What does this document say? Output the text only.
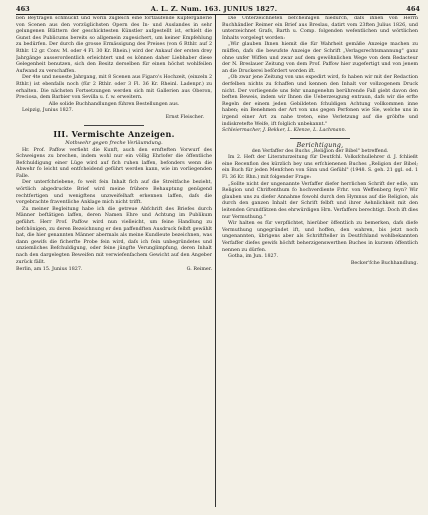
463	A. L. Z. Num. 163. JUNIUS 1827.	464

ben Beyträgen schmückt und worin zugleich eine fortlaufende Kupfergallerie von Scenen aus den vorzüglichsten Opern des In- und Auslandes in sehr gelungenen Blättern der geschicktesten Künstler aufgestellt ist, erhielt die Gunst des Publicums bereits so allgemein zugesichert, um keiner Empfehlung zu bedürfen. Der durch die grosse Ermässigung des Preises (von 6 Rthlr. auf 2 Rthlr. 12 gr. Conv. M. oder 4 Fl. 30 Kr. Rhein.) wird der Ankauf der ersten drey Jahrgänge ausserordentlich erleichtert und es können daher Liebhaber diese Gelegenheit benutzen, sich den Besitz derselben für einen höchst wohlfeilen Aufwand zu verschaffen.

Der 4te und neueste Jahrgang, mit 8 Scenen aus Figaro's Hochzeit, (einzeln 2 Rthlr.) ist ebenfalls noch (für 2 Rthlr. oder 3 Fl. 36 Kr. Rheinl. Ladenpr.) zu erhalten. Die nächsten Fortsetzungen werden sich mit Gallerien aus Oberon, Preciosa, dem Barbier von Sevilla u. f. w. erweitern.

Alle solide Buchhandlungen führen Bestellungen aus.

Leipzig, Junius 1827.

Ernst Fleischer.

III. Vermischte Anzeigen.
Nothwehr gegen freche Verläumdung.

Hr. Prof. Paffow verfieht die Kunft, auch den ernfteften Vorwurf des Schweigens zu brechen, indem wohl nur ein völlig Ehrlofer die öffentliche Befchuldigung einer Lüge wird auf fich ruhen laffen, befonders wenn die Abwehr fo leicht und entfcheidend geführt werden kann, wie im vorliegenden Falle.

Der unterfchriebene, fo weit fein Inhalt fich auf die Streitfache bezieht, wörtlich abgedruckte Brief wird meine frühere Behauptung genügend rechtfertigen und wenigftens unzweifelhaft erkennen laffen, dafs die vorgebrachte fraventliche Anklage mich nicht trifft.

Zu meiner Begleitung habe ich die getreue Abfchrift des Briefes durch Männer beftätigen laffen, deren Namen Ehre und Achtung im Publikum geführt. Herr Prof. Paffow wird nun vielleicht, um feine Handlung zu befchönigen, zu deren Bezeichnung er den paffendften Ausdruck felbft gewählt hat, die hier genannten Männer abermals als meine Kundleute bezeichnen, was dann gewifs die ficherfte Probe fein wird, dafs ich fein unbegründetes und unziemliches Befchuldigung, oder feine jüngfte Verunglimpfung, deren Inhalt nach den dargelegten Beweifen mit verwiefenfachem Gewicht auf den Angeber zurück fällt.

Berlin, am 15. Junius 1827.	G. Reimer.

Die Unterzeichneten befcheinigen hiedurch, dafs ihnen von Herrn Buchhändler Reimer ein Brief aus Breslau, datirt vom 23ften Julius 1826, und unterzeichnet Grafs, Barth u. Comp. folgenden wefentlichen und wörtlichen Inhalts vorgelegt worden:

„Wir glauben Ihnen hiemit die für Wahrheit gemäße Anzeige machen zu müffen, dafs die bewufste Anzeige der Schrift „Verlagsrechtsmannung" ganz ohne unfer Wiffen und zwar auf dem gewöhnlichen Wege von dem Redacteur der N. Breslauer Zeitung von dem Prof. Paffow hier zugefertigt und von jenem an die Druckerei befördert worden ift.

„Ob zwar jene Zeitung von uns expedirt wird, fo haben wir mit der Redaction derfelben nichts zu fchaffen und kennen den Inhalt vor vollzogenem Druck nicht. Der vorliegende uns fehr unangenehm berührende Fall giebt davon den beften Beweis, indem wir Ihnen die Ueberzeugung entraun, dafs wir die erfte Regeln der einem jeden Gebildeten fchuldigen Achtung vollkommen inne haben; ein Benehmen der Art von uns gegen Perfonen wie Sie, welche uns in irgend einer Art zu nahe treten, eine Verletzung auf die gröbfte und indiskretefte Weife, ift folglich unbekannt."

Schleiermacher, J. Bekker, L. Klenze, L. Lachmann.

Berichtigung,

den Verfaffer des Buchs „Religion der Bibel" betreffend.

Im 2. Heft der Literaturzeitung für Deutfchl. Volksfchullehrer d. J. fchließt eine Recenfion des kürzlich bey uns erfchienenen Buches „Religion der Bibel; ein Buch für jeden Menfchen von Sinn und Gefühl" (1948. S. geh. 21 ggl. od. 1 Fl. 36 Kr. Rhn.) mit folgender Frage:

„Sollte nicht der ungenannte Verfaffer diefer herrlichen Schrift der edle, um Religion und Chriftenthum fo hochverdiente Frhr. von Weffenberg feyn? Wir glauben uns zu diefer Annahme fowohl durch den Hymnus auf die Religion, als durch den ganzen Inhalt der Schrift felbft und ihrer Aehnlichkeit mit den leitenden Grundfätzen des ehrwürdigen Hrn. Verfaffers berechtigt. Doch ift dies nur Vermuthung."

Wir halten es für verpflichtet, hierüber öffentlich zu bemerken, dafs diefe Vermuthung ungegründet ift, und hoffen, den wahren, bis jetzt noch ungenannten, übrigens aber als Schriftfteller in Deutfchland wohlbekannten Verfaffer diefes gewifs höchft beherzigenswerthen Buches in kurzem öffentlich nennen zu dürfen.

Gotha, im Jun. 1827.

Becker'fche Buchhandlung.
